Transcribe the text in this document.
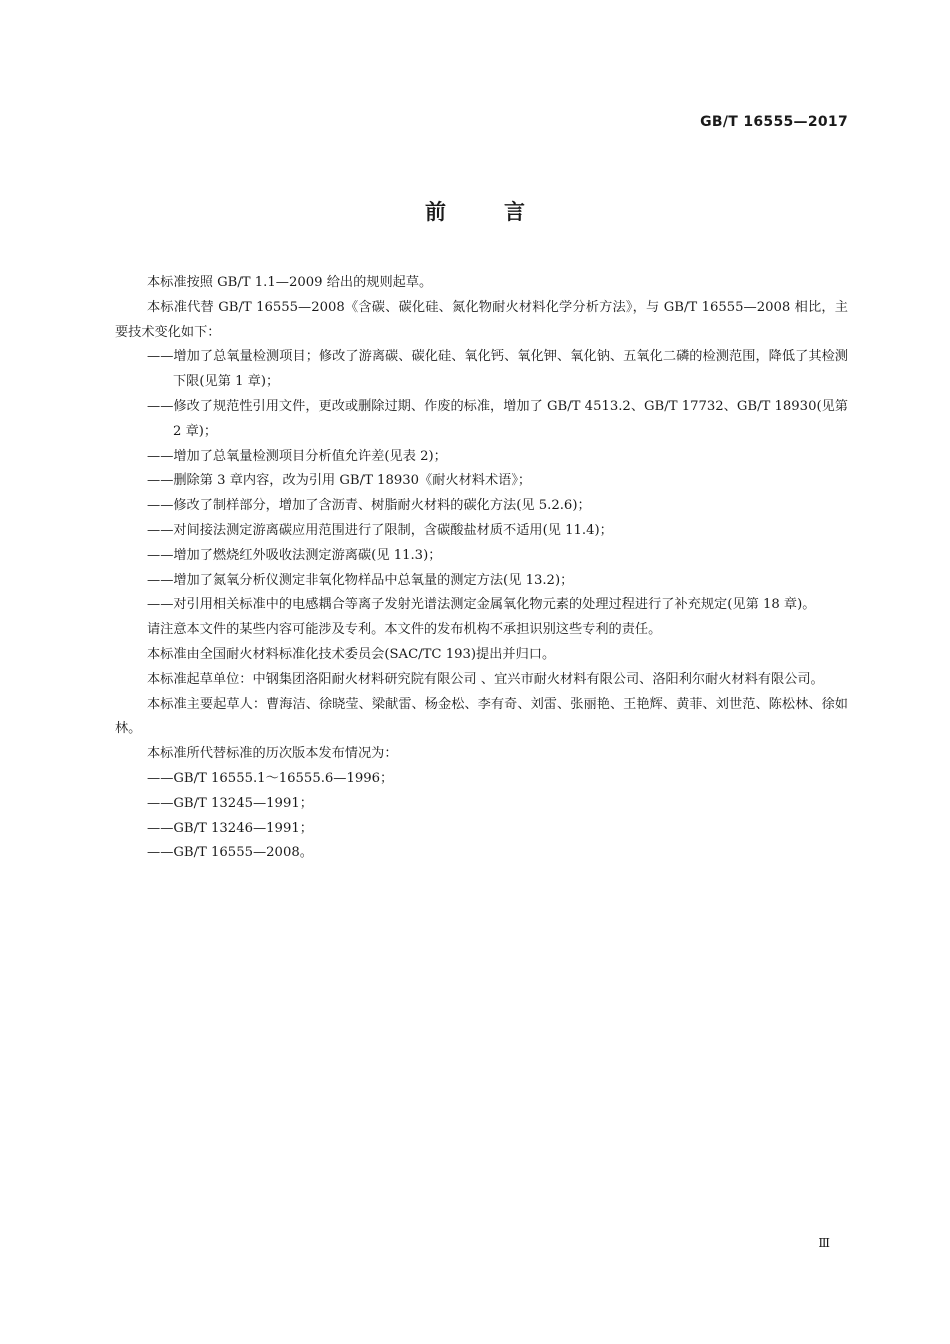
GB/T 16555—2017
前言

本标准按照 GB/T 1.1—2009 给出的规则起草。

本标准代替 GB/T 16555—2008《含碳、碳化硅、氮化物耐火材料化学分析方法》，与 GB/T 16555—2008 相比，主要技术变化如下：

——增加了总氧量检测项目；修改了游离碳、碳化硅、氧化钙、氧化钾、氧化钠、五氧化二磷的检测范围，降低了其检测下限(见第 1 章)；

——修改了规范性引用文件，更改或删除过期、作废的标准，增加了 GB/T 4513.2、GB/T 17732、GB/T 18930(见第 2 章)；

——增加了总氧量检测项目分析值允许差(见表 2)；

——删除第 3 章内容，改为引用 GB/T 18930《耐火材料术语》；

——修改了制样部分，增加了含沥青、树脂耐火材料的碳化方法(见 5.2.6)；

——对间接法测定游离碳应用范围进行了限制，含碳酸盐材质不适用(见 11.4)；

——增加了燃烧红外吸收法测定游离碳(见 11.3)；

——增加了氮氧分析仪测定非氧化物样品中总氧量的测定方法(见 13.2)；

——对引用相关标准中的电感耦合等离子发射光谱法测定金属氧化物元素的处理过程进行了补充规定(见第 18 章)。

请注意本文件的某些内容可能涉及专利。本文件的发布机构不承担识别这些专利的责任。

本标准由全国耐火材料标准化技术委员会(SAC/TC 193)提出并归口。

本标准起草单位：中钢集团洛阳耐火材料研究院有限公司 、宜兴市耐火材料有限公司、洛阳利尔耐火材料有限公司。

本标准主要起草人：曹海洁、徐晓莹、梁献雷、杨金松、李有奇、刘雷、张丽艳、王艳辉、黄菲、刘世范、陈松林、徐如林。

本标准所代替标准的历次版本发布情况为：

——GB/T 16555.1～16555.6—1996；

——GB/T 13245—1991；

——GB/T 13246—1991；

——GB/T 16555—2008。

Ⅲ
